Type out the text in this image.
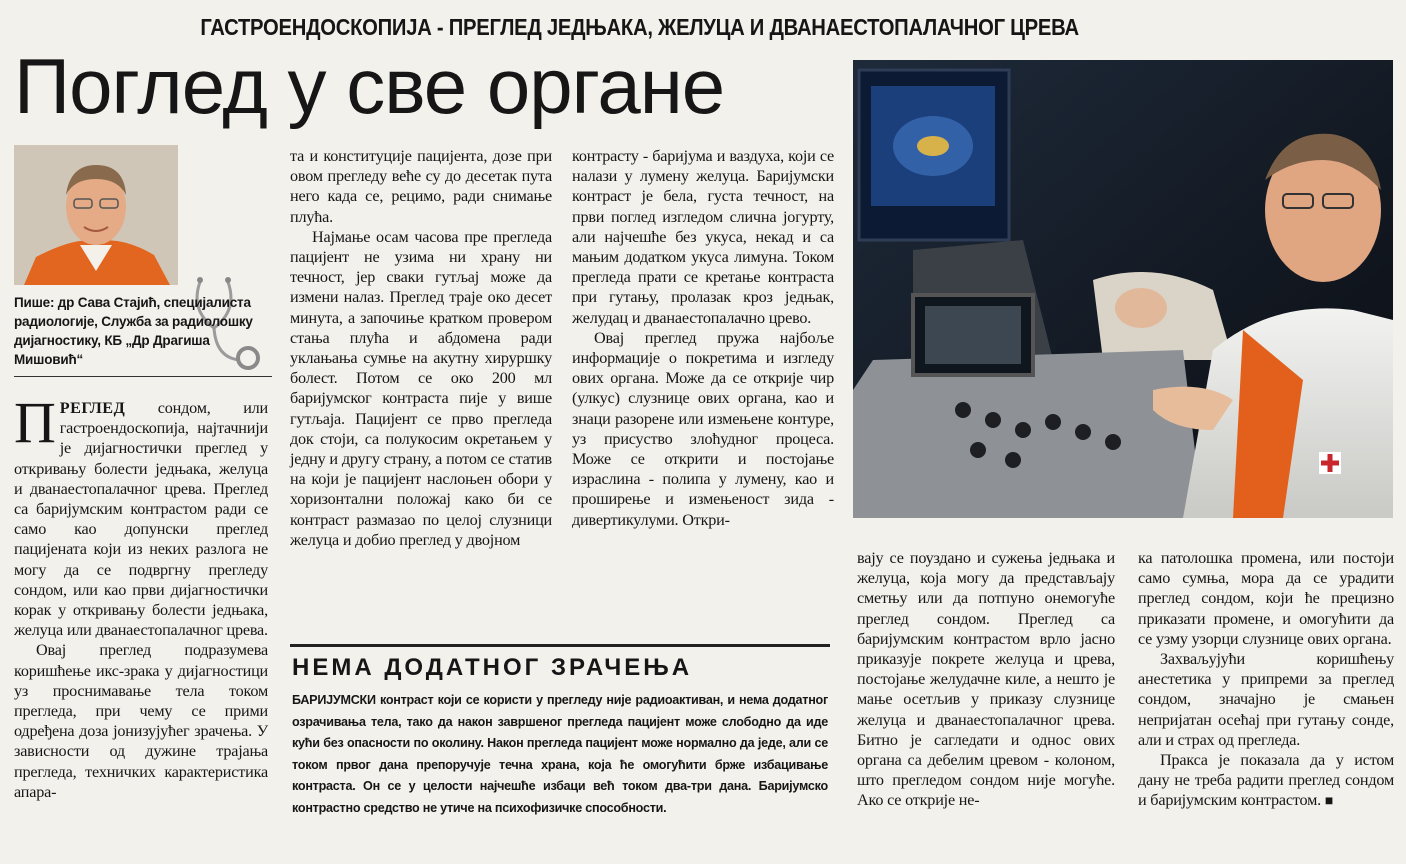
ГАСТРОЕНДОСКОПИЈА - ПРЕГЛЕД ЈЕДЊАКА, ЖЕЛУЦА И ДВАНАЕСТОПАЛАЧНОГ ЦРЕВА
Поглед у све органе
Пише: др Сава Стајић, специјалиста радиологије, Служба за радиолошку дијагностику, КБ „Др Драгиша Мишовић“

ПРЕГЛЕД сондом, или гастроендоскопија, најтачнији је дијагностички преглед у откривању болести једњака, желуца и дванаестопалачног црева. Преглед са баријумским контрастом ради се само као допунски преглед пацијената који из неких разлога не могу да се подвргну прегледу сондом, или као први дијагностички корак у откривању болести једњака, желуца или дванаестопалачног црева.

Овај преглед подразумева коришћење икс-зрака у дијагностици уз проснимавање тела током прегледа, при чему се прими одређена доза јонизујућег зрачења. У зависности од дужине трајања прегледа, техничких карактеристика апара-

та и конституције пацијента, дозе при овом прегледу веће су до десетак пута него када се, рецимо, ради снимање плућа.

Најмање осам часова пре прегледа пацијент не узима ни храну ни течност, јер сваки гутљај може да измени налаз. Преглед траје око десет минута, а започиње кратком провером стања плућа и абдомена ради уклањања сумње на акутну хируршку болест. Потом се око 200 мл баријумског контраста пије у више гутљаја. Пацијент се прво прегледа док стоји, са полукосим окретањем у једну и другу страну, а потом се статив на који је пацијент наслоњен обори у хоризонтални положај како би се контраст размазао по целој слузници желуца и добио преглед у двојном

контрасту - баријума и ваздуха, који се налази у лумену желуца. Баријумски контраст је бела, густа течност, на први поглед изгледом слична јогурту, али најчешће без укуса, некад и са мањим додатком укуса лимуна. Током прегледа прати се кретање контраста при гутању, пролазак кроз једњак, желудац и дванаестопалачно црево.

Овај преглед пружа најбоље информације о покретима и изгледу ових органа. Може да се открије чир (улкус) слузнице ових органа, као и знаци разорене или измењене контуре, уз присуство злоћудног процеса. Може се открити и постојање израслина - полипа у лумену, као и проширење и измењеност зида - дивертикулуми. Откри-

вају се поуздано и сужења једњака и желуца, која могу да представљају сметњу или да потпуно онемогуће преглед сондом. Преглед са баријумским контрастом врло јасно приказује покрете желуца и црева, постојање желудачне киле, а нешто је мање осетљив у приказу слузнице желуца и дванаестопалачног црева. Битно је сагледати и однос ових органа са дебелим цревом - колоном, што прегледом сондом није могуће. Ако се открије не-

ка патолошка промена, или постоји само сумња, мора да се урадити преглед сондом, који ће прецизно приказати промене, и омогућити да се узму узорци слузнице ових органа.

Захваљујући коришћењу анестетика у припреми за преглед сондом, значајно је смањен непријатан осећај при гутању сонде, али и страх од прегледа.

Пракса је показала да у истом дану не треба радити преглед сондом и баријумским контрастом. ■

НЕМА ДОДАТНОГ ЗРАЧЕЊА
БАРИЈУМСКИ контраст који се користи у прегледу није радиоактиван, и нема додатног озрачивања тела, тако да након завршеног прегледа пацијент може слободно да иде кући без опасности по околину. Након прегледа пацијент може нормално да једе, али се током првог дана препоручује течна храна, која ће омогућити брже избацивање контраста. Он се у целости најчешће избаци већ током два-три дана. Баријумско контрастно средство не утиче на психофизичке способности.
